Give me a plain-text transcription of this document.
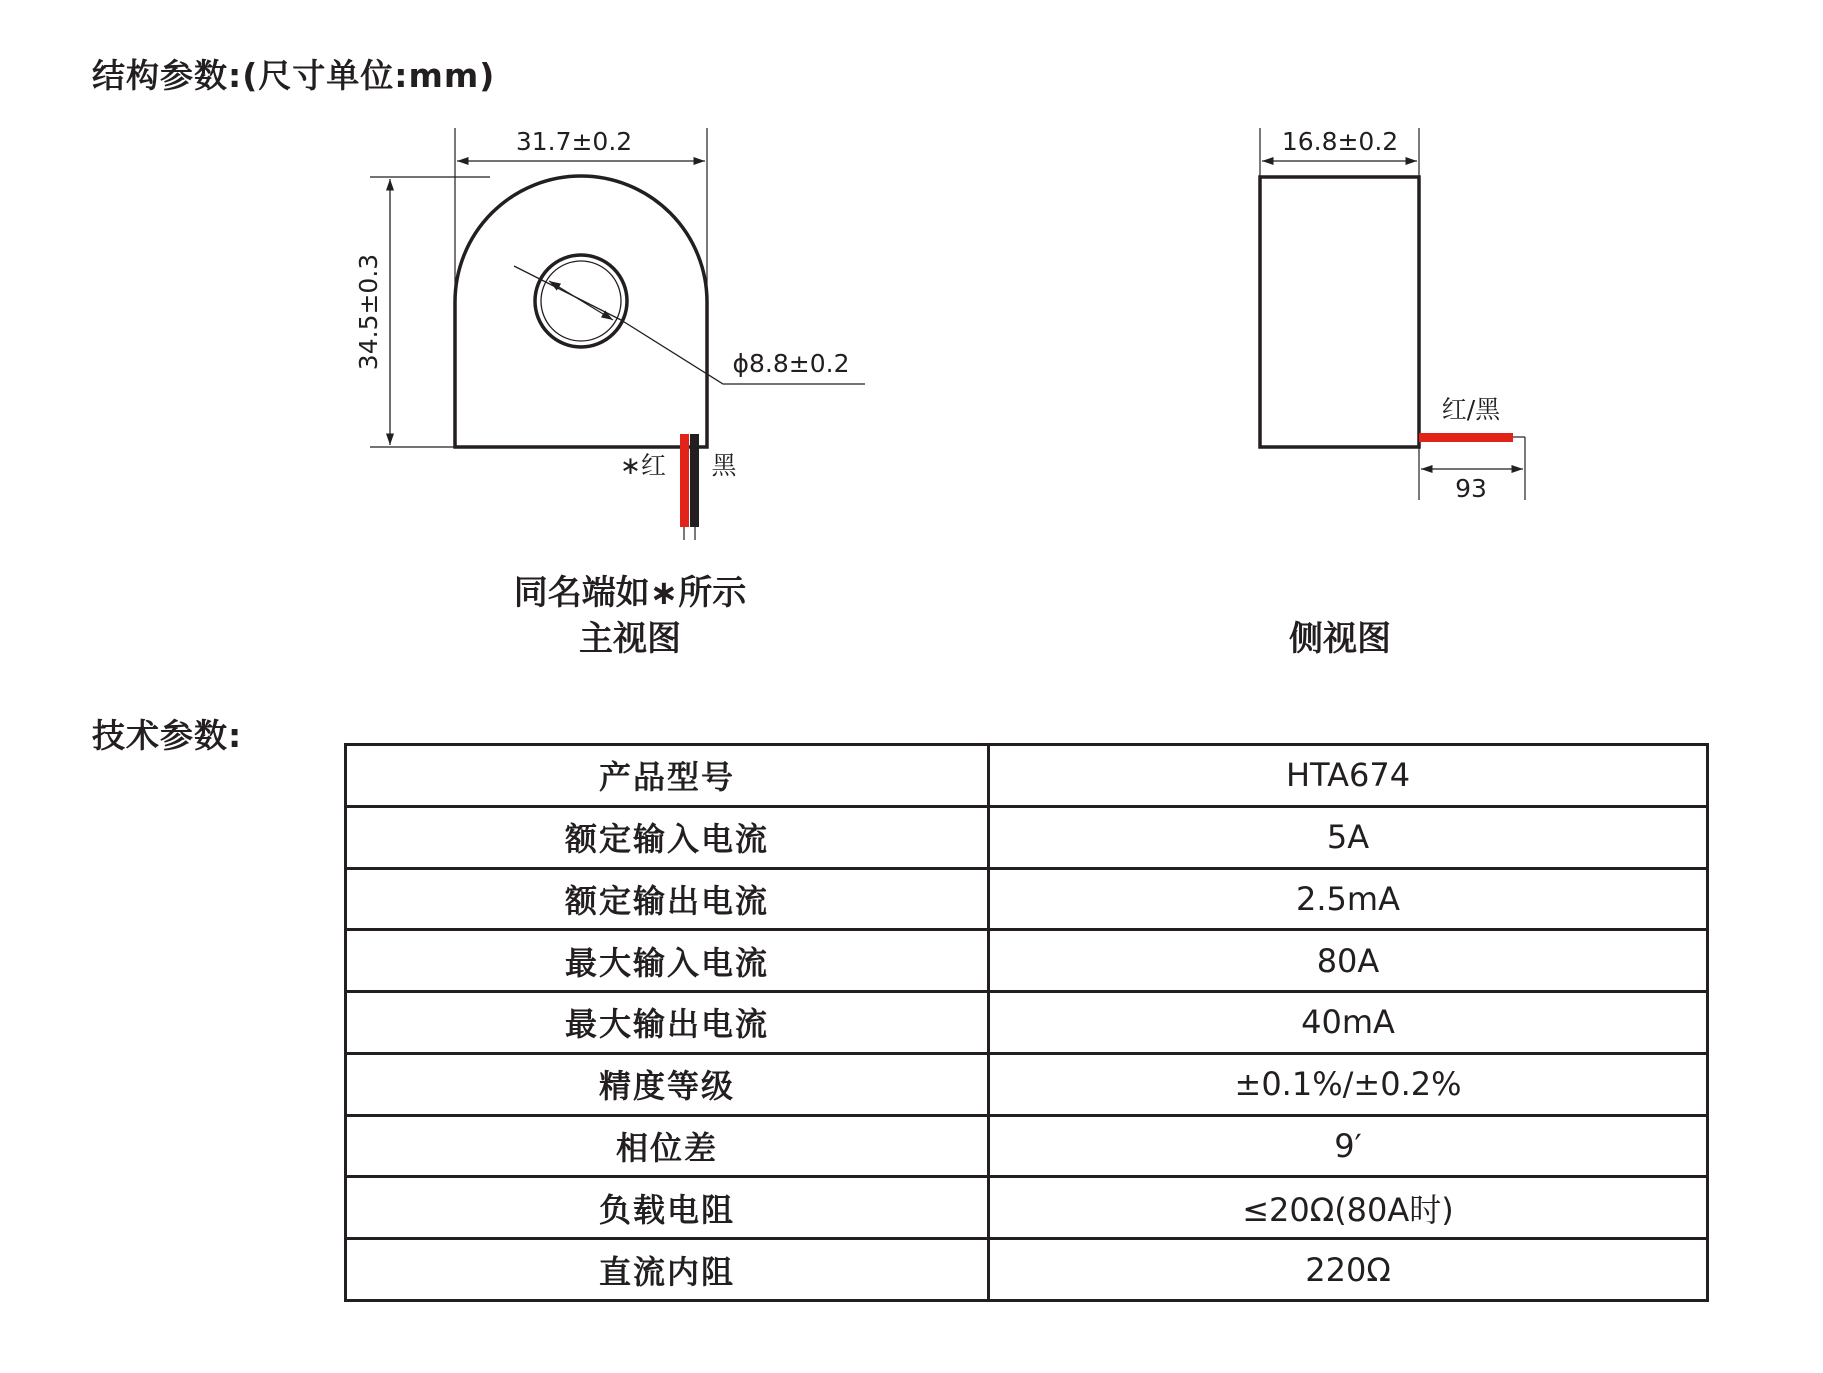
结构参数:(尺寸单位:mm)
31.7±0.2
34.5±0.3	ϕ8.8±0.2
∗红 黑
16.8±0.2
红/黑
93
同名端如∗所示
主视图	侧视图
技术参数:
产品型号	HTA674
额定输入电流	5A
额定输出电流	2.5mA
最大输入电流	80A
最大输出电流	40mA
精度等级	±0.1%/±0.2%
相位差	9′
负载电阻	≤20Ω(80A时)
直流内阻	220Ω
